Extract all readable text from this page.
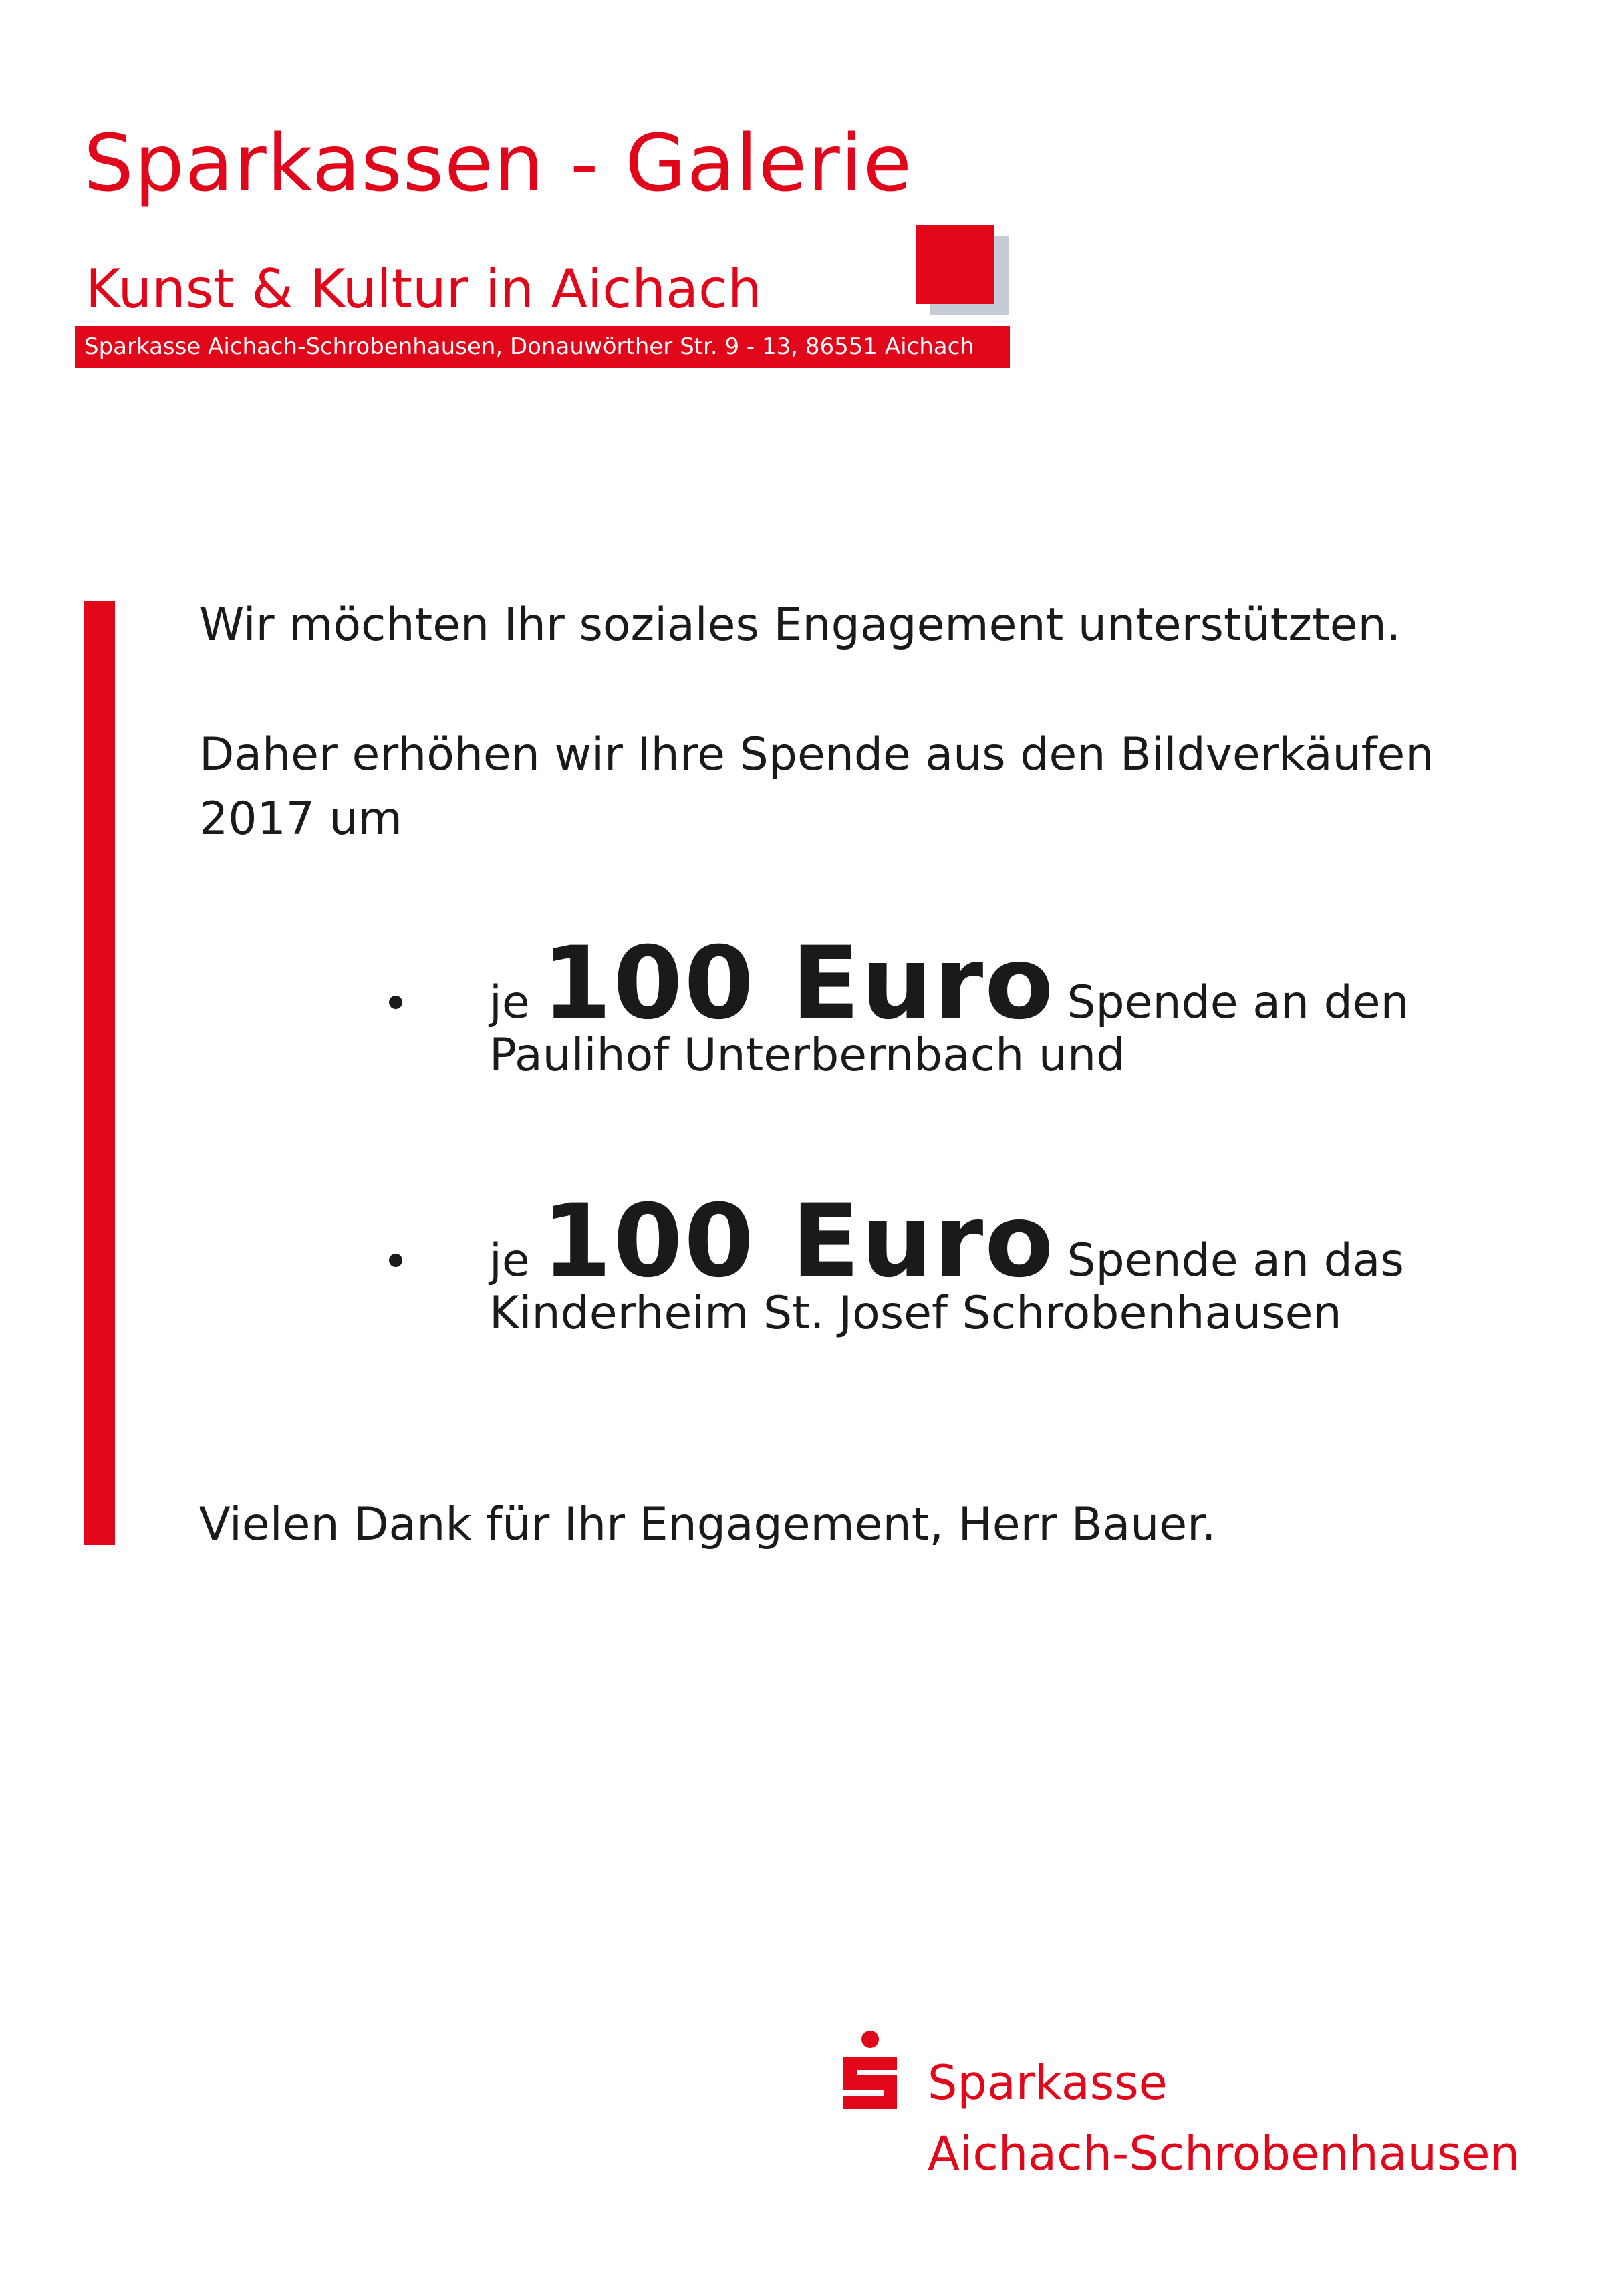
Sparkassen - Galerie
Kunst & Kultur in Aichach
Sparkasse Aichach-Schrobenhausen, Donauwörther Str. 9 - 13, 86551 Aichach
Wir möchten Ihr soziales Engagement unterstützten.
Daher erhöhen wir Ihre Spende aus den Bildverkäufen
2017 um
je 100 Euro Spende an den
Paulihof Unterbernbach und
je 100 Euro Spende an das
Kinderheim St. Josef Schrobenhausen
Vielen Dank für Ihr Engagement, Herr Bauer.
Sparkasse
Aichach-Schrobenhausen
